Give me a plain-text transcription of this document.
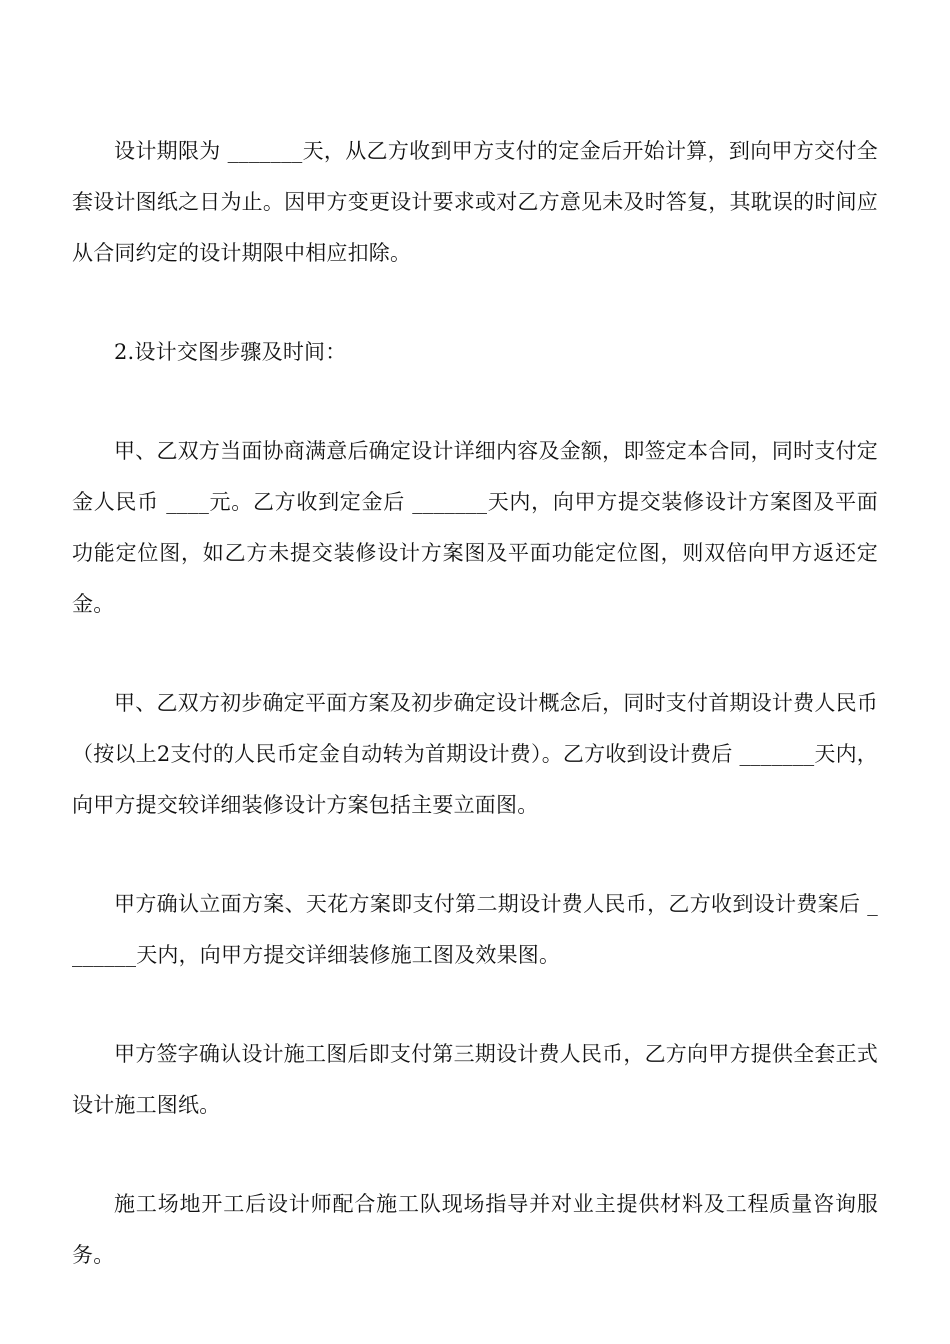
设计期限为 _______天，从乙方收到甲方支付的定金后开始计算，到向甲方交付全套设计图纸之日为止。因甲方变更设计要求或对乙方意见未及时答复，其耽误的时间应从合同约定的设计期限中相应扣除。

2.设计交图步骤及时间：

甲、乙双方当面协商满意后确定设计详细内容及金额，即签定本合同，同时支付定金人民币 ____元。乙方收到定金后 _______天内，向甲方提交装修设计方案图及平面功能定位图，如乙方未提交装修设计方案图及平面功能定位图，则双倍向甲方返还定金。

甲、乙双方初步确定平面方案及初步确定设计概念后，同时支付首期设计费人民币（按以上2支付的人民币定金自动转为首期设计费）。乙方收到设计费后 _______天内，向甲方提交较详细装修设计方案包括主要立面图。

甲方确认立面方案、天花方案即支付第二期设计费人民币，乙方收到设计费案后 _______天内，向甲方提交详细装修施工图及效果图。

甲方签字确认设计施工图后即支付第三期设计费人民币，乙方向甲方提供全套正式设计施工图纸。

施工场地开工后设计师配合施工队现场指导并对业主提供材料及工程质量咨询服务。
